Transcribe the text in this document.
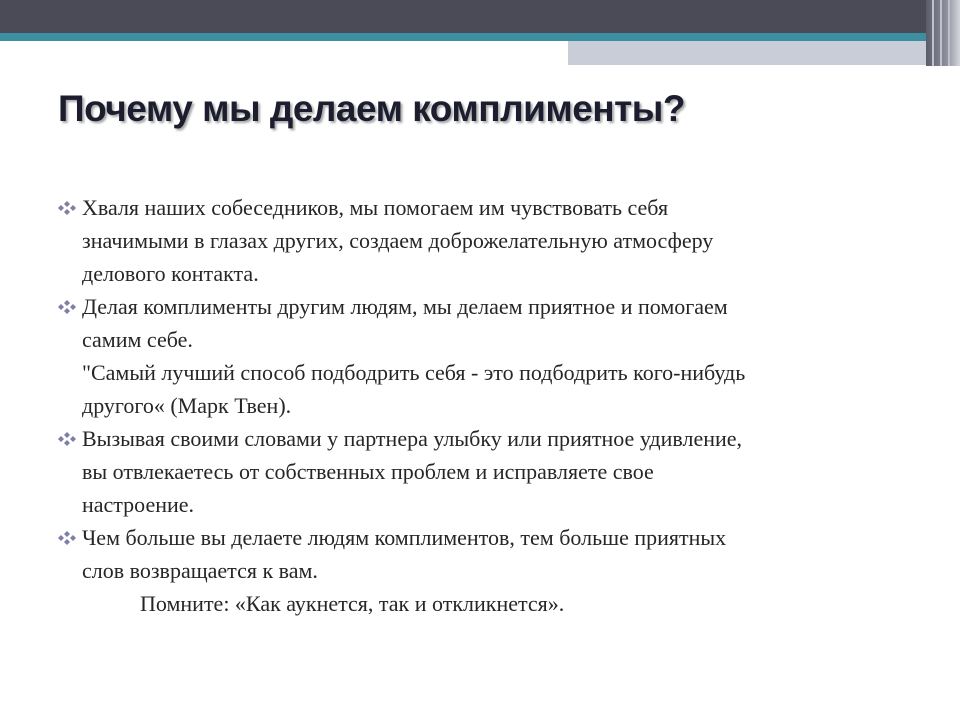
Почему мы делаем комплименты?
Хваля наших собеседников, мы помогаем им чувствовать себя
значимыми в глазах других, создаем доброжелательную атмосферу
делового контакта.
Делая комплименты другим людям, мы делаем приятное и помогаем
самим себе.
"Самый лучший способ подбодрить себя - это подбодрить кого-нибудь
другого« (Марк Твен).
Вызывая своими словами у партнера улыбку или приятное удивление,
вы отвлекаетесь от собственных проблем и исправляете свое
настроение.
Чем больше вы делаете людям комплиментов, тем больше приятных
слов возвращается к вам.
Помните: «Как аукнется, так и откликнется».
